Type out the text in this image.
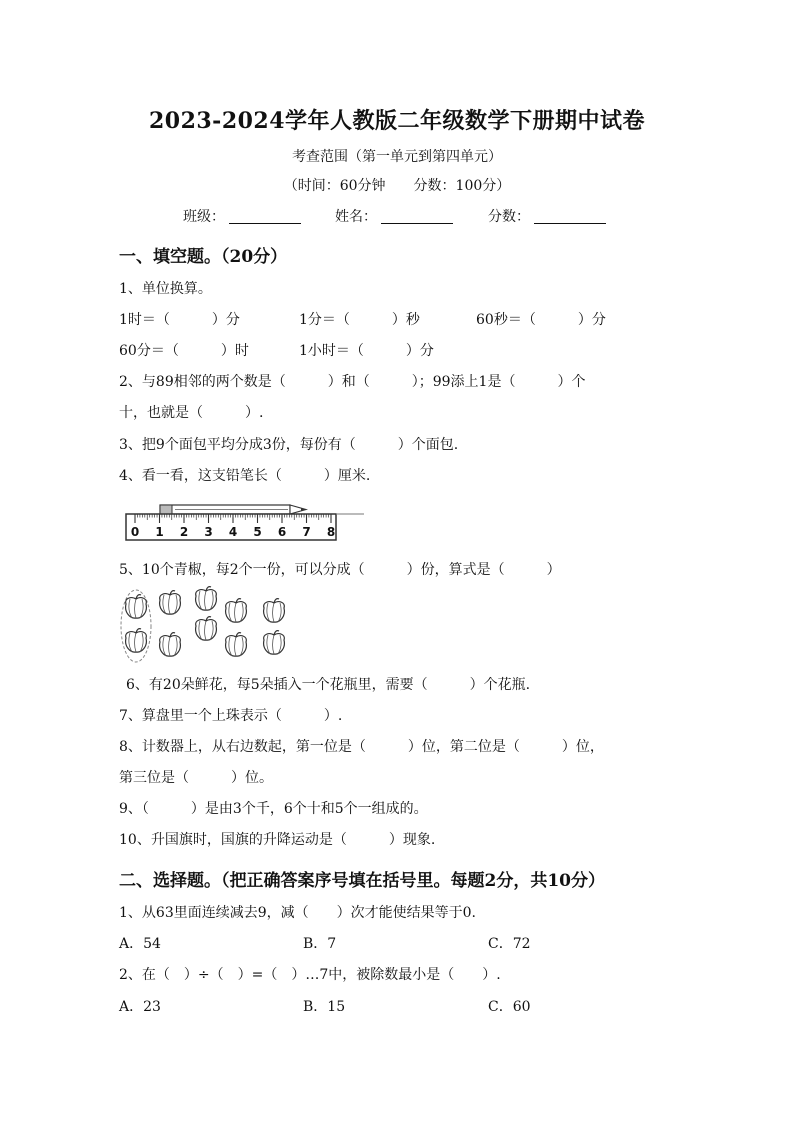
2023-2024学年人教版二年级数学下册期中试卷
考查范围（第一单元到第四单元）
（时间：60分钟　　分数：100分）
班级：	姓名：	分数：
一、填空题。（20分）
1、单位换算。
1时＝（　　　）分	1分＝（　　　）秒	60秒＝（　　　）分
60分＝（　　　）时	1小时＝（　　　）分
2、与89相邻的两个数是（　　　）和（　　　）；99添上1是（　　　）个
十，也就是（　　　）.
3、把9个面包平均分成3份，每份有（　　　）个面包.
4、看一看，这支铅笔长（　　　）厘米.
0 1 2 3 4 5 6 7 8
5、10个青椒，每2个一份，可以分成（　　　）份，算式是（　　　）
6、有20朵鲜花，每5朵插入一个花瓶里，需要（　　　）个花瓶.
7、算盘里一个上珠表示（　　　）.
8、计数器上，从右边数起，第一位是（　　　）位，第二位是（　　　）位，
第三位是（　　　）位。
9、（　　　）是由3个千，6个十和5个一组成的。
10、升国旗时，国旗的升降运动是（　　　）现象.
二、选择题。（把正确答案序号填在括号里。每题2分，共10分）
1、从63里面连续减去9，减（　　）次才能使结果等于0.
A．54	B．7	C．72
2、在（　）÷（　）=（　）…7中，被除数最小是（　　）.
A．23	B．15	C．60
